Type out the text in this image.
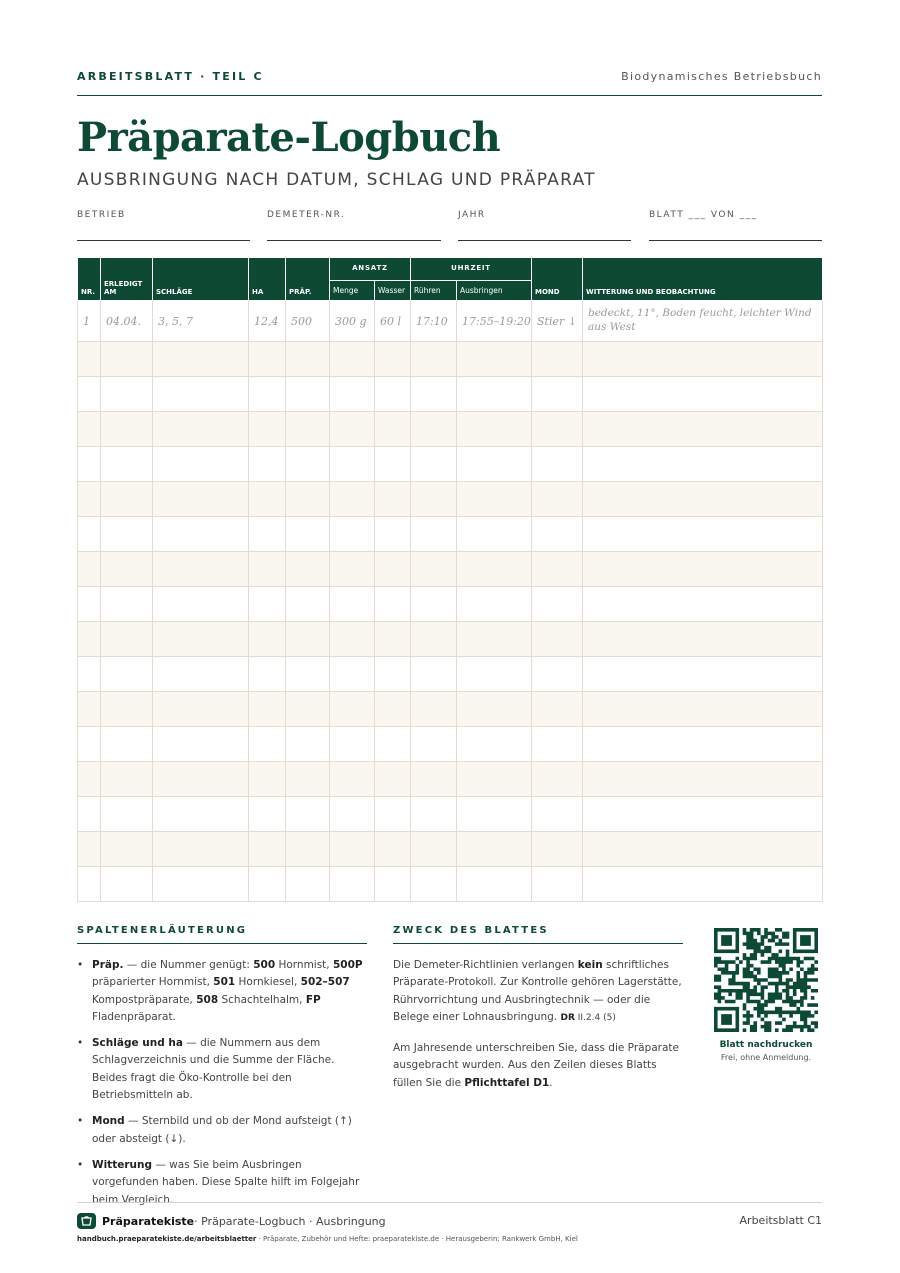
ARBEITSBLATT · TEIL C	Biodynamisches Betriebsbuch
Präparate-Logbuch
AUSBRINGUNG NACH DATUM, SCHLAG UND PRÄPARAT
BETRIEB	DEMETER-NR.	JAHR	BLATT ___ VON ___
NR.	ERLEDIGT AM	SCHLÄGE	HA	PRÄP.	ANSATZ		UHRZEIT		MOND	WITTERUNG UND BEOBACHTUNG
					Menge	Wasser	Rühren	Ausbringen		
1	04.04.	3, 5, 7	12,4	500	300 g	60 l	17:10	17:55–19:20	Stier ↓	bedeckt, 11°, Boden feucht, leichter Wind aus West

SPALTENERLÄUTERUNG
• Präp. — die Nummer genügt: 500 Hornmist, 500P präparierter Hornmist, 501 Hornkiesel, 502–507 Kompostpräparate, 508 Schachtelhalm, FP Fladenpräparat.
• Schläge und ha — die Nummern aus dem Schlagverzeichnis und die Summe der Fläche. Beides fragt die Öko-Kontrolle bei den Betriebsmitteln ab.
• Mond — Sternbild und ob der Mond aufsteigt (↑) oder absteigt (↓).
• Witterung — was Sie beim Ausbringen vorgefunden haben. Diese Spalte hilft im Folgejahr beim Vergleich.
ZWECK DES BLATTES

Die Demeter-Richtlinien verlangen kein schriftliches Präparate-Protokoll. Zur Kontrolle gehören Lagerstätte, Rührvorrichtung und Ausbringtechnik — oder die Belege einer Lohnausbringung. DR II.2.4 (5)

Am Jahresende unterschreiben Sie, dass die Präparate ausgebracht wurden. Aus den Zeilen dieses Blatts füllen Sie die Pflichttafel D1.

Blatt nachdrucken
Frei, ohne Anmeldung.
Präparatekiste · Präparate-Logbuch · Ausbringung	Arbeitsblatt C1
handbuch.praeparatekiste.de/arbeitsblaetter · Präparate, Zubehör und Hefte: praeparatekiste.de · Herausgeberin: Rankwerk GmbH, Kiel
